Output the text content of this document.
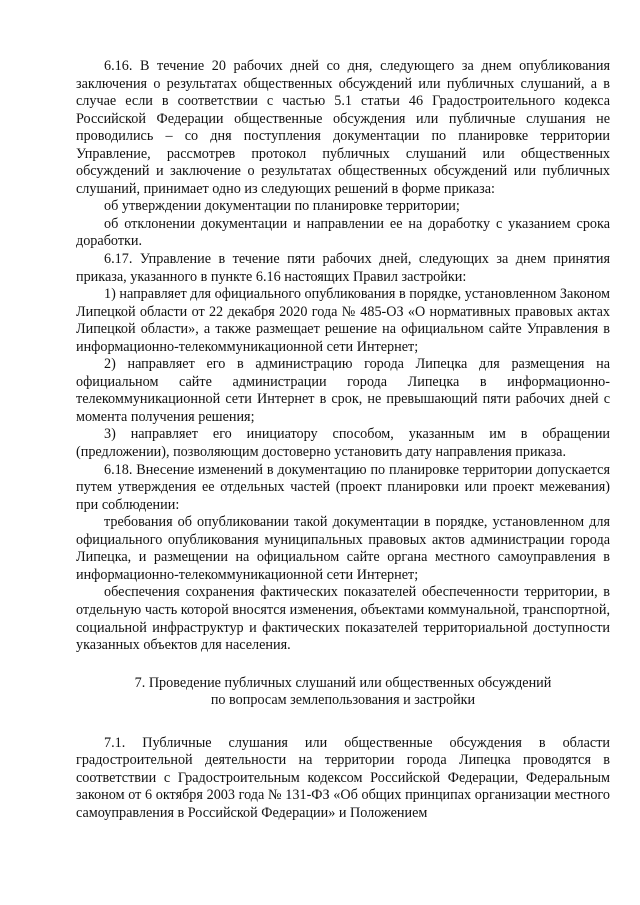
6.16. В течение 20 рабочих дней со дня, следующего за днем опубликования заключения о результатах общественных обсуждений или публичных слушаний, а в случае если в соответствии с частью 5.1 статьи 46 Градостроительного кодекса Российской Федерации общественные обсуждения или публичные слушания не проводились – со дня поступления документации по планировке территории Управление, рассмотрев протокол публичных слушаний или общественных обсуждений и заключение о результатах общественных обсуждений или публичных слушаний, принимает одно из следующих решений в форме приказа:

об утверждении документации по планировке территории;

об отклонении документации и направлении ее на доработку с указанием срока доработки.

6.17. Управление в течение пяти рабочих дней, следующих за днем принятия приказа, указанного в пункте 6.16 настоящих Правил застройки:

1) направляет для официального опубликования в порядке, установленном Законом Липецкой области от 22 декабря 2020 года № 485-ОЗ «О нормативных правовых актах Липецкой области», а также размещает решение на официальном сайте Управления в информационно-телекоммуникационной сети Интернет;

2) направляет его в администрацию города Липецка для размещения на официальном сайте администрации города Липецка в информационно-телекоммуникационной сети Интернет в срок, не превышающий пяти рабочих дней с момента получения решения;

3) направляет его инициатору способом, указанным им в обращении (предложении), позволяющим достоверно установить дату направления приказа.

6.18. Внесение изменений в документацию по планировке территории допускается путем утверждения ее отдельных частей (проект планировки или проект межевания) при соблюдении:

требования об опубликовании такой документации в порядке, установленном для официального опубликования муниципальных правовых актов администрации города Липецка, и размещении на официальном сайте органа местного самоуправления в информационно-телекоммуникационной сети Интернет;

обеспечения сохранения фактических показателей обеспеченности территории, в отдельную часть которой вносятся изменения, объектами коммунальной, транспортной, социальной инфраструктур и фактических показателей территориальной доступности указанных объектов для населения.

7. Проведение публичных слушаний или общественных обсуждений
по вопросам землепользования и застройки

7.1. Публичные слушания или общественные обсуждения в области градостроительной деятельности на территории города Липецка проводятся в соответствии с Градостроительным кодексом Российской Федерации, Федеральным законом от 6 октября 2003 года № 131-ФЗ «Об общих принципах организации местного самоуправления в Российской Федерации» и Положением
